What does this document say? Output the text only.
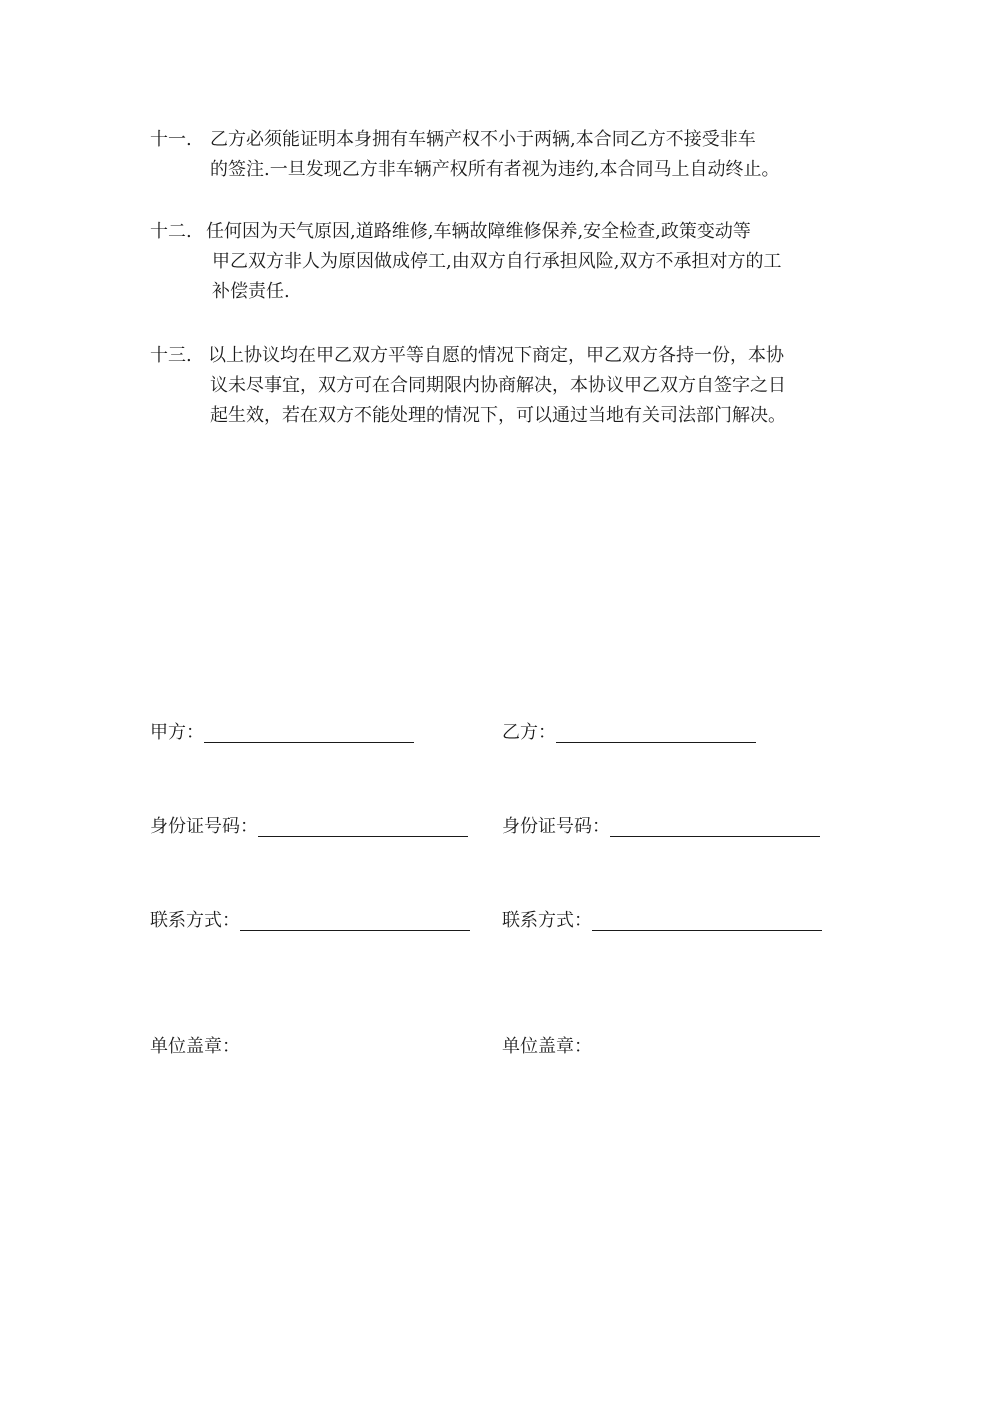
十一. 乙方必须能证明本身拥有车辆产权不小于两辆,本合同乙方不接受非车
的签注.一旦发现乙方非车辆产权所有者视为违约,本合同马上自动终止。
十二. 任何因为天气原因,道路维修,车辆故障维修保养,安全检查,政策变动等
甲乙双方非人为原因做成停工,由双方自行承担风险,双方不承担对方的工
补偿责任.
十三. 以上协议均在甲乙双方平等自愿的情况下商定，甲乙双方各持一份，本协
议未尽事宜，双方可在合同期限内协商解决，本协议甲乙双方自签字之日
起生效，若在双方不能处理的情况下，可以通过当地有关司法部门解决。
甲方：	乙方：
身份证号码：	身份证号码：
联系方式：	联系方式：
单位盖章：	单位盖章：
